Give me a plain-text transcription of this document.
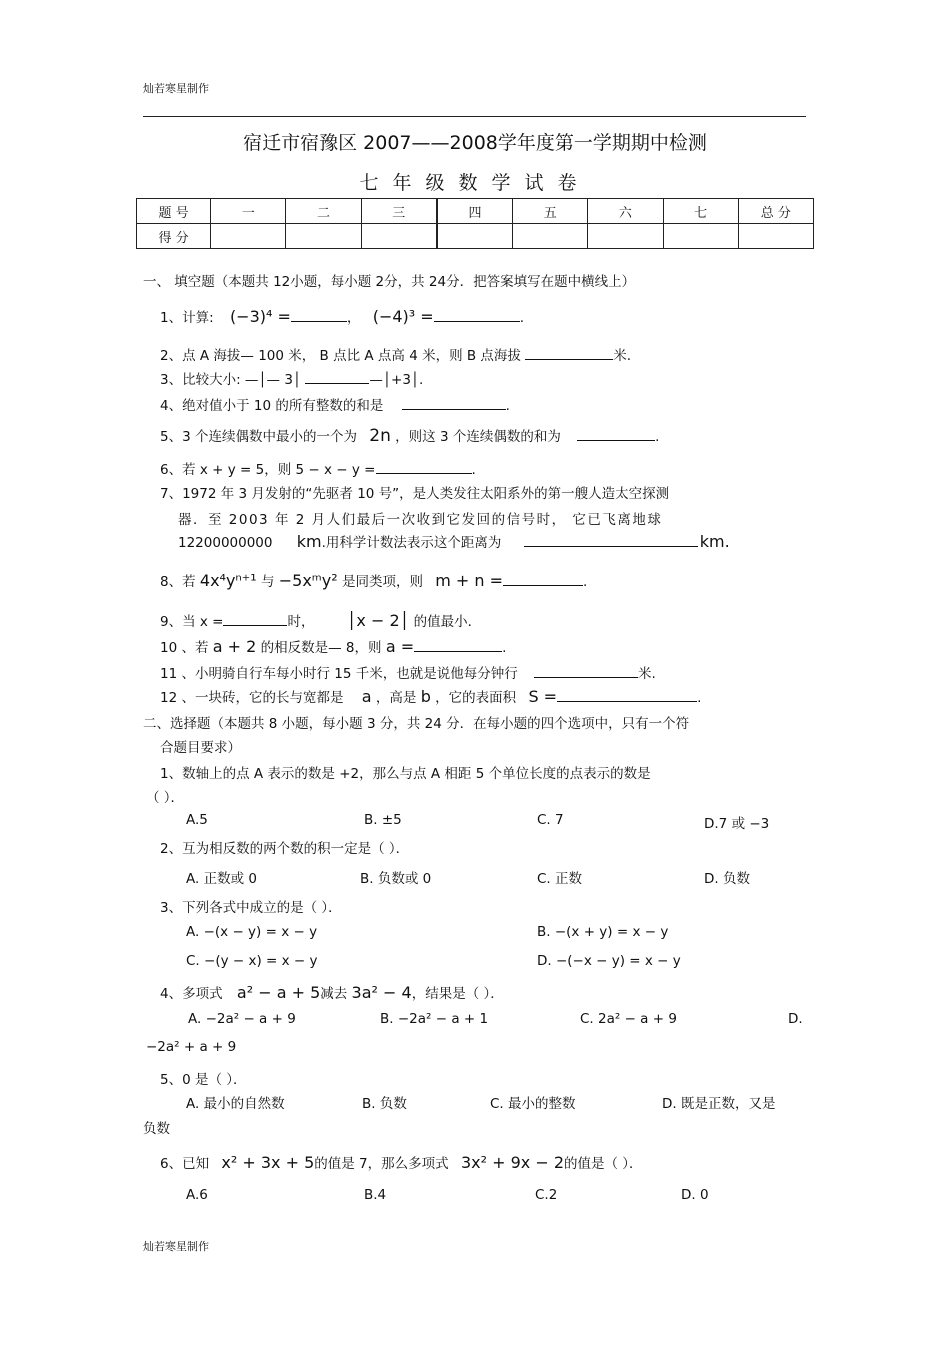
灿若寒星制作
宿迁市宿豫区 2007——2008学年度第一学期期中检测
七年级数学试卷
题 号	一	二	三	四	五	六	七	总 分
得 分								
一、 填空题（本题共 12小题，每小题 2分，共 24分．把答案填写在题中横线上）
1、计算: (−3)⁴ =	， (−4)³ =	.
2、点 A 海拔— 100 米， B 点比 A 点高 4 米，则 B 点海拔	米.
3、比较大小: —│— 3│	—│+3│.
4、绝对值小于 10 的所有整数的和是	.
5、3 个连续偶数中最小的一个为 2n ，则这 3 个连续偶数的和为	.
6、若 x + y = 5，则 5 − x − y =	.
7、1972 年 3 月发射的“先驱者 10 号”，是人类发往太阳系外的第一艘人造太空探测
器．至 2003 年 2 月人们最后一次收到它发回的信号时， 它已飞离地球
12200000000 km.用科学计数法表示这个距离为	km.
8、若 4x⁴yⁿ⁺¹ 与 −5xᵐy² 是同类项，则 m + n =	.
9、当 x =	时， │x − 2│ 的值最小．
10 、若 a + 2 的相反数是— 8，则 a =	.
11 、小明骑自行车每小时行 15 千米，也就是说他每分钟行	米.
12 、一块砖，它的长与宽都是 a ，高是 b ，它的表面积 S =	.
二、选择题（本题共 8 小题，每小题 3 分，共 24 分．在每小题的四个选项中，只有一个符
合题目要求）
1、数轴上的点 A 表示的数是 +2，那么与点 A 相距 5 个单位长度的点表示的数是
（ ）．
A.5	B. ±5	C. 7	D.7 或 −3
2、互为相反数的两个数的积一定是（ ）．
A. 正数或 0	B. 负数或 0	C. 正数	D. 负数
3、下列各式中成立的是（ ）．
A. −(x − y) = x − y	B. −(x + y) = x − y
C. −(y − x) = x − y	D. −(−x − y) = x − y
4、多项式 a² − a + 5减去 3a² − 4，结果是（ ）．
A. −2a² − a + 9	B. −2a² − a + 1	C. 2a² − a + 9	D.
−2a² + a + 9
5、0 是（ ）．
A. 最小的自然数	B. 负数	C. 最小的整数	D. 既是正数，又是
负数
6、已知 x² + 3x + 5的值是 7，那么多项式 3x² + 9x − 2的值是（ ）．
A.6	B.4	C.2	D. 0
灿若寒星制作
